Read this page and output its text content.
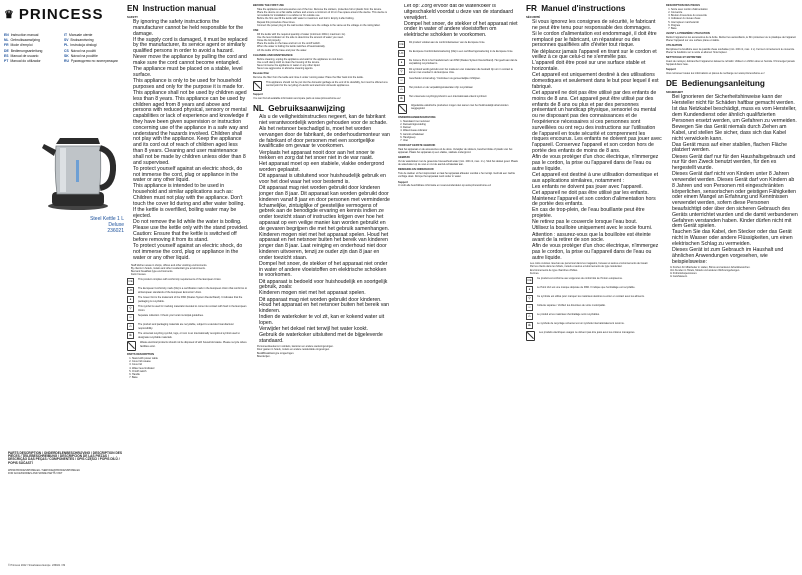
♛ PRINCESS
EN Instruction manual	IT Manuale utente
NL Gebruiksaanwijzing	SV Bruksanvisning
FR Mode d'emploi	PL Instrukcja obsługi
DE Bedienungsanleitung	CS Návod na použití
ES Manual de usuario	SK Návod na použitie
PT Manual do utilizador	RU Руководство по эксплуатации
Steel Kettle 1 L Deluxe
236021
PARTS DESCRIPTION / ONDERDELENBESCHRIJVING / DESCRIPTION DES PIÈCES / TEILEBESCHREIBUNG / DESCRIPCIÓN DE LAS PIEZAS / DESCRIÇÃO DAS PEÇAS / COMPONENTES / OPIS CZĘŚCI / POPIS DÍLŮ / POPIS SÚČASTÍ
WWW.PRINCESSHOME.EU / SERVICE@PRINCESSHOME.EU
FOR ACCESSORIES AND SPARE PARTS VISIT
© Princess 2022 / Smartwares Europe  236021 / IM
EN Instruction manual
SAFETY
• By ignoring the safety instructions the manufacturer cannot be held responsible for the damage.
• If the supply cord is damaged, it must be replaced by the manufacturer, its service agent or similarly qualified persons in order to avoid a hazard.
• Never move the appliance by pulling the cord and make sure the cord cannot become entangled.
• The appliance must be placed on a stable, level surface.
• This appliance is only to be used for household purposes and only for the purpose it is made for.
• This appliance shall not be used by children aged less than 8 years. This appliance can be used by children aged from 8 years and above and persons with reduced physical, sensory or mental capabilities or lack of experience and knowledge if they have been given supervision or instruction concerning use of the appliance in a safe way and understand the hazards involved. Children shall not play with the appliance. Keep the appliance and its cord out of reach of children aged less than 8 years. Cleaning and user maintenance shall not be made by children unless older than 8 and supervised.
• To protect yourself against an electric shock, do not immerse the cord, plug or appliance in the water or any other liquid.
• This appliance is intended to be used in household and similar applications such as:
• Children must not play with the appliance. Don't touch the cover lid during and after water boiling.
• If the kettle is overfilled, boiling water may be ejected.
• Do not remove the lid while the water is boiling.
• Please use the kettle only with the stand provided.
• Caution: Ensure that the kettle is switched off before removing it from its stand.
• To protect yourself against an electric shock, do not immerse the cord, plug or appliance in the water or any other liquid.
• Staff kitchen areas in shops, offices and other working environments.
• By clients in hotels, motels and other residential type environments.
• Bed and breakfast type environments.
• Farm houses.
CE	This product complies with conformity requirements of the European Union.
UK	The European Conformity mark (CE) is a certification mark in the European Union that conforms to all European standards of the European Economic Union.
●	The Green Dot is the trademark of the DSD (Duales System Deutschland). It indicates that the packaging is recyclable.
⚲	This symbol is used for marking materials intended to come into contact with food in the European Union.
♲	Separate collection / Check your local municipal guidelines.
♺	The product and packaging materials are recyclable, subject to extended manufacturer responsibility.
♻	The universal recycling symbol, logo, or icon is an internationally recognized symbol used to designate recyclable materials.
Waste electrical products should not be disposed of with household waste. Please recycle where facilities exist.
PARTS DESCRIPTION
1. Stand with power cable
2. Cover lid release
3. Cover lid
4. Water level indicator
5. On/off switch
6. Handle
7. Base
BEFORE THE FIRST USE
• Take the appliance and accessories out of the box. Remove the stickers, protective foil or plastic from the device.
• Place the device on a flat stable surface and ensure a minimum of 10 cm free space around the device. This device is not suitable for installation in a cabinet or for outside use.
• Before the first use fill the kettle with water to maximum and boil it. Empty it after boiling.
• Repeat this procedure three times.
• Connect the power plug to the wall socket. Make sure the voltage is the same as the voltage on the rating label.
USE
• Fill the kettle with the required quantity of water (minimum 200ml, maximum 1L).
• Use the level indicator on the side to determine the amount of water you need.
• Close the lid properly.
• Place the kettle on the base and turn on the on/off switch.
• When the water is boiling the kettle switches off automatically.
• Lift the kettle off the base and pour the water.
CLEANING AND MAINTENANCE
• Before cleaning, unplug the appliance and wait for the appliance to cool down.
• Use a soft damp cloth to clean the housing of the device.
• Never immerse the appliance in water or any other liquid.
• Never use aggressive or abrasive cleaning agents.
Descale filter
Remove the filter from the kettle and rinse it under running water. Place the filter back into the kettle.
This appliance should not be put into the domestic garbage at the end of its durability, but must be offered at a central point for the recycling of electric and electronic domestic appliances.
Support
You can find all available information and spare parts at www.princesshome.eu!
NL Gebruiksaanwijzing
• Als u de veiligheidsinstructies negeert, kan de fabrikant niet verantwoordelijk worden gehouden voor de schade.
• Als het netsnoer beschadigd is, moet het worden vervangen door de fabrikant, de onderhoudsmonteur van de fabrikant of door personen met een soortgelijke kwalificatie om gevaar te voorkomen.
• Verplaats het apparaat nooit door aan het snoer te trekken en zorg dat het snoer niet in de war raakt.
• Het apparaat moet op een stabiele, vlakke ondergrond worden geplaatst.
• Dit apparaat is uitsluitend voor huishoudelijk gebruik en voor het doel waar het voor bestemd is.
• Dit apparaat mag niet worden gebruikt door kinderen jonger dan 8 jaar. Dit apparaat kan worden gebruikt door kinderen vanaf 8 jaar en door personen met verminderde lichamelijke, zintuiglijke of geestelijke vermogens of gebrek aan de benodigde ervaring en kennis indien ze onder toezicht staan of instructies krijgen over hoe het apparaat op een veilige manier kan worden gebruikt en de gevaren begrijpen die met het gebruik samenhangen. Kinderen mogen niet met het apparaat spelen. Houd het apparaat en het netsnoer buiten het bereik van kinderen jonger dan 8 jaar. Laat reiniging en onderhoud niet door kinderen uitvoeren, tenzij ze ouder zijn dan 8 jaar en onder toezicht staan.
• Dompel het snoer, de stekker of het apparaat niet onder in water of andere vloeistoffen om elektrische schokken te voorkomen.
• Dit apparaat is bedoeld voor huishoudelijk en soortgelijk gebruik, zoals:
• Kinderen mogen niet met het apparaat spelen.
• Dit apparaat mag niet worden gebruikt door kinderen. Houd het apparaat en het netsnoer buiten het bereik van kinderen.
• Indien de waterkoker te vol zit, kan er kokend water uit lopen.
• Verwijder het deksel niet terwijl het water kookt.
• Gebruik de waterkoker uitsluitend met de bijgeleverde standaard.
• Personeelskeukens in winkels, kantoren en andere werkomgevingen.
• Door gasten in hotels, motels en andere residentiële omgevingen.
• Bed&Breakfast-type omgevingen.
• Boerderijen.
• Let op: Zorg ervoor dat de waterkoker is uitgeschakeld voordat u deze van de standaard verwijdert.
• Dompel het snoer, de stekker of het apparaat niet onder in water of andere vloeistoffen om elektrische schokken te voorkomen.
CE	Dit product voldoet aan de conformiteitseisen van de Europese Unie.
UK	De Europese Conformiteitsmarkering (CE) is een certificeringsmarkering in de Europese Unie.
●	De Groene Punt is het handelsmerk van DSD (Duales System Deutschland). Het geeft aan dat de verpakking recyclebaar is.
⚲	Dit symbool wordt gebruikt voor het markeren van materialen die bedoeld zijn om in contact te komen met voedsel in de Europese Unie.
♲	Gescheiden inzameling / Controleer uw gemeentelijke richtlijnen.
♺	Het product en de verpakkingsmaterialen zijn recyclebaar.
♻	Het universele recyclingsymbool is een internationaal erkend symbool.
Afgedankte elektrische producten mogen niet samen met het huishoudelijk afval worden weggegooid.
ONDERDELENBESCHRIJVING
1. Standaard met netsnoer
2. Dekselontgrendeling
3. Deksel
4. Waterniveau-indicator
5. Aan/uit-schakelaar
6. Handgreep
7. Voet
VOOR HET EERSTE GEBRUIK
Haal het apparaat en de accessoires uit de doos. Verwijder de stickers, beschermfolie of plastic van het apparaat. Plaats het apparaat op een vlakke, stabiele ondergrond.
GEBRUIK
Vul de waterkoker met de gewenste hoeveelheid water (min. 200 ml, max. 1 L). Sluit het deksel goed. Plaats de waterkoker op de voet en zet de aan/uit-schakelaar aan.
REINIGING EN ONDERHOUD
Trek de stekker uit het stopcontact en laat het apparaat afkoelen voordat u het reinigt. Gebruik een zachte vochtige doek. Dompel het apparaat nooit onder in water.
Support
U vindt alle beschikbare informatie en reserveonderdelen op www.princesshome.eu!
FR Manuel d'instructions
SÉCURITÉ
• Si vous ignorez les consignes de sécurité, le fabricant ne peut être tenu pour responsable des dommages.
• Si le cordon d'alimentation est endommagé, il doit être remplacé par le fabricant, un réparateur ou des personnes qualifiées afin d'éviter tout risque.
• Ne déplacez jamais l'appareil en tirant sur le cordon et veillez à ce que celui-ci ne s'emmêle pas.
• L'appareil doit être posé sur une surface stable et horizontale.
• Cet appareil est uniquement destiné à des utilisations domestiques et seulement dans le but pour lequel il est fabriqué.
• Cet appareil ne doit pas être utilisé par des enfants de moins de 8 ans. Cet appareil peut être utilisé par des enfants de 8 ans ou plus et par des personnes présentant un handicap physique, sensoriel ou mental ou ne disposant pas des connaissances et de l'expérience nécessaires si ces personnes sont surveillées ou ont reçu des instructions sur l'utilisation de l'appareil en toute sécurité et comprennent les risques encourus. Les enfants ne doivent pas jouer avec l'appareil. Conservez l'appareil et son cordon hors de portée des enfants de moins de 8 ans.
• Afin de vous protéger d'un choc électrique, n'immergez pas le cordon, la prise ou l'appareil dans de l'eau ou autre liquide.
• Cet appareil est destiné à une utilisation domestique et aux applications similaires, notamment :
• Les enfants ne doivent pas jouer avec l'appareil.
• Cet appareil ne doit pas être utilisé par les enfants. Maintenez l'appareil et son cordon d'alimentation hors de portée des enfants.
• En cas de trop-plein, de l'eau bouillante peut être projetée.
• Ne retirez pas le couvercle lorsque l'eau bout.
• Utilisez la bouilloire uniquement avec le socle fourni.
• Attention : assurez-vous que la bouilloire est éteinte avant de la retirer de son socle.
• Afin de vous protéger d'un choc électrique, n'immergez pas le cordon, la prise ou l'appareil dans de l'eau ou autre liquide.
• Les coins cuisines réservés au personnel dans les magasins, bureaux et autres environnements de travail.
• Par les clients dans les hôtels, motels et autres environnements de type résidentiel.
• Environnements de type chambres d'hôtes.
• Fermes.
CE	Ce produit est conforme aux exigences de conformité de l'Union européenne.
●	Le Point Vert est une marque déposée de DSD. Il indique que l'emballage est recyclable.
⚲	Ce symbole est utilisé pour marquer les matériaux destinés à entrer en contact avec les aliments.
♲	Collecte séparée / Vérifiez les directives de votre municipalité.
♺	Le produit et les matériaux d'emballage sont recyclables.
♻	Le symbole de recyclage universel est un symbole internationalement reconnu.
Les produits électriques usagés ne doivent pas être jetés avec les ordures ménagères.
DESCRIPTION DES PIÈCES
1. Socle avec cordon d'alimentation
2. Couvercle
3. Bouton d'ouverture du couvercle
4. Indicateur du niveau d'eau
5. Interrupteur marche/arrêt
6. Poignée
7. Base
AVANT LA PREMIÈRE UTILISATION
Retirez l'appareil et les accessoires de la boîte. Retirez les autocollants, le film protecteur ou le plastique de l'appareil. Placez l'appareil sur une surface plane et stable.
UTILISATION
Remplissez la bouilloire avec la quantité d'eau souhaitée (min. 200 ml, max. 1 L). Fermez correctement le couvercle. Placez la bouilloire sur le socle et allumez l'interrupteur.
NETTOYAGE ET ENTRETIEN
Avant de nettoyer, débranchez l'appareil et laissez-le refroidir. Utilisez un chiffon doux et humide. N'immergez jamais l'appareil dans l'eau.
Support
Vous retrouvez toutes les informations et pièces de rechange sur www.princesshome.eu !
DE Bedienungsanleitung
SICHERHEIT
• Bei Ignorieren der Sicherheitshinweise kann der Hersteller nicht für Schäden haftbar gemacht werden.
• Ist das Netzkabel beschädigt, muss es vom Hersteller, dem Kundendienst oder ähnlich qualifizierten Personen ersetzt werden, um Gefahren zu vermeiden.
• Bewegen Sie das Gerät niemals durch Ziehen am Kabel, und stellen Sie sicher, dass sich das Kabel nicht verwickeln kann.
• Das Gerät muss auf einer stabilen, flachen Fläche platziert werden.
• Dieses Gerät darf nur für den Haushaltsgebrauch und nur für den Zweck benutzt werden, für den es hergestellt wurde.
• Dieses Gerät darf nicht von Kindern unter 8 Jahren verwendet werden. Dieses Gerät darf von Kindern ab 8 Jahren und von Personen mit eingeschränkten körperlichen, sensorischen oder geistigen Fähigkeiten oder einem Mangel an Erfahrung und Kenntnissen verwendet werden, sofern diese Personen beaufsichtigt oder über den sicheren Gebrauch des Geräts unterrichtet wurden und die damit verbundenen Gefahren verstanden haben. Kinder dürfen nicht mit dem Gerät spielen.
• Tauchen Sie das Kabel, den Stecker oder das Gerät nicht in Wasser oder andere Flüssigkeiten, um einen elektrischen Schlag zu vermeiden.
• Dieses Gerät ist zum Gebrauch im Haushalt und ähnlichen Anwendungen vorgesehen, wie beispielsweise:
• In Küchen für Mitarbeiter in Läden, Büros und anderen Arbeitsbereichen.
• Von Kunden in Hotels, Motels und anderen Wohnumgebungen.
• In Frühstückspensionen.
• In Gutshäusern.
